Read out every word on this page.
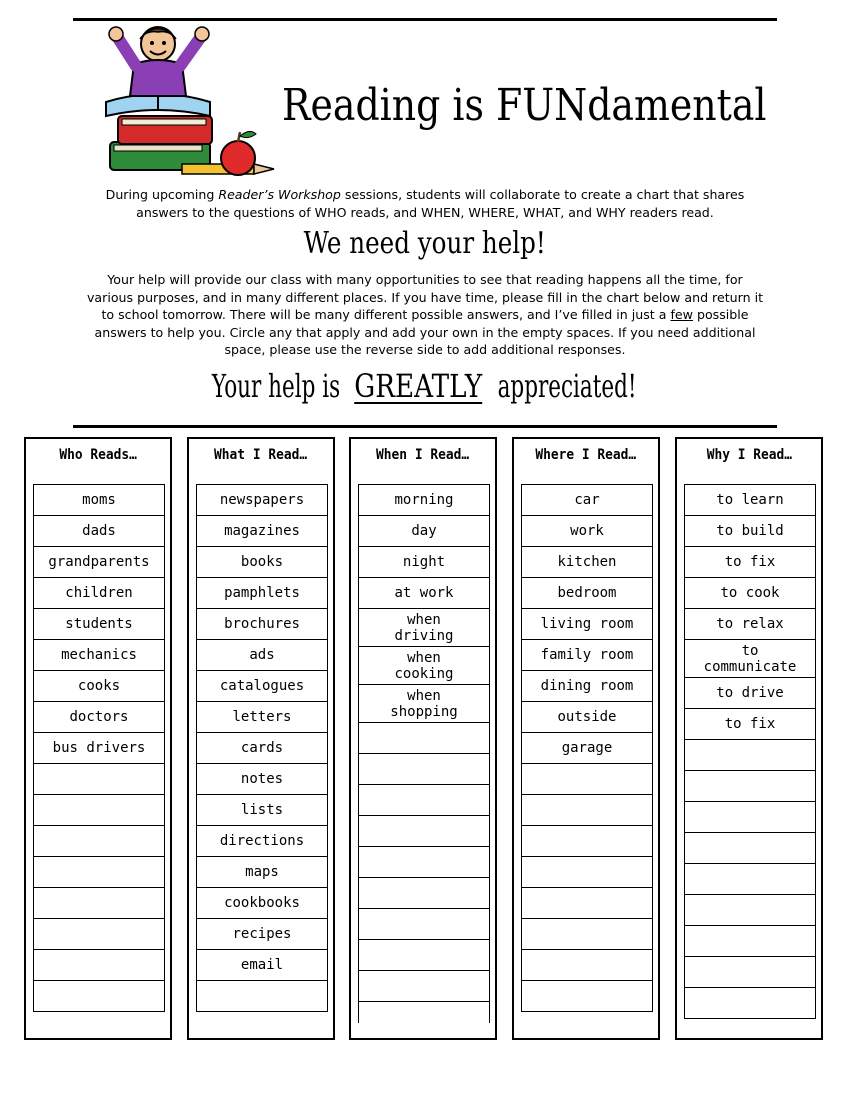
Reading is FUNdamental
During upcoming Reader’s Workshop sessions, students will collaborate to create a chart that shares answers to the questions of WHO reads, and WHEN, WHERE, WHAT, and WHY readers read.
We need your help!
Your help will provide our class with many opportunities to see that reading happens all the time, for various purposes, and in many different places. If you have time, please fill in the chart below and return it to school tomorrow. There will be many different possible answers, and I’ve filled in just a few possible answers to help you. Circle any that apply and add your own in the empty spaces. If you need additional space, please use the reverse side to add additional responses.
Your help isGREATLYappreciated!
Who Reads…
moms
dads
grandparents
children
students
mechanics
cooks
doctors
bus drivers
What I Read…
newspapers
magazines
books
pamphlets
brochures
ads
catalogues
letters
cards
notes
lists
directions
maps
cookbooks
recipes
email
When I Read…
morning
day
night
at work
when
driving
when
cooking
when
shopping
Where I Read…
car
work
kitchen
bedroom
living room
family room
dining room
outside
garage
Why I Read…
to learn
to build
to fix
to cook
to relax
to
communicate
to drive
to fix
